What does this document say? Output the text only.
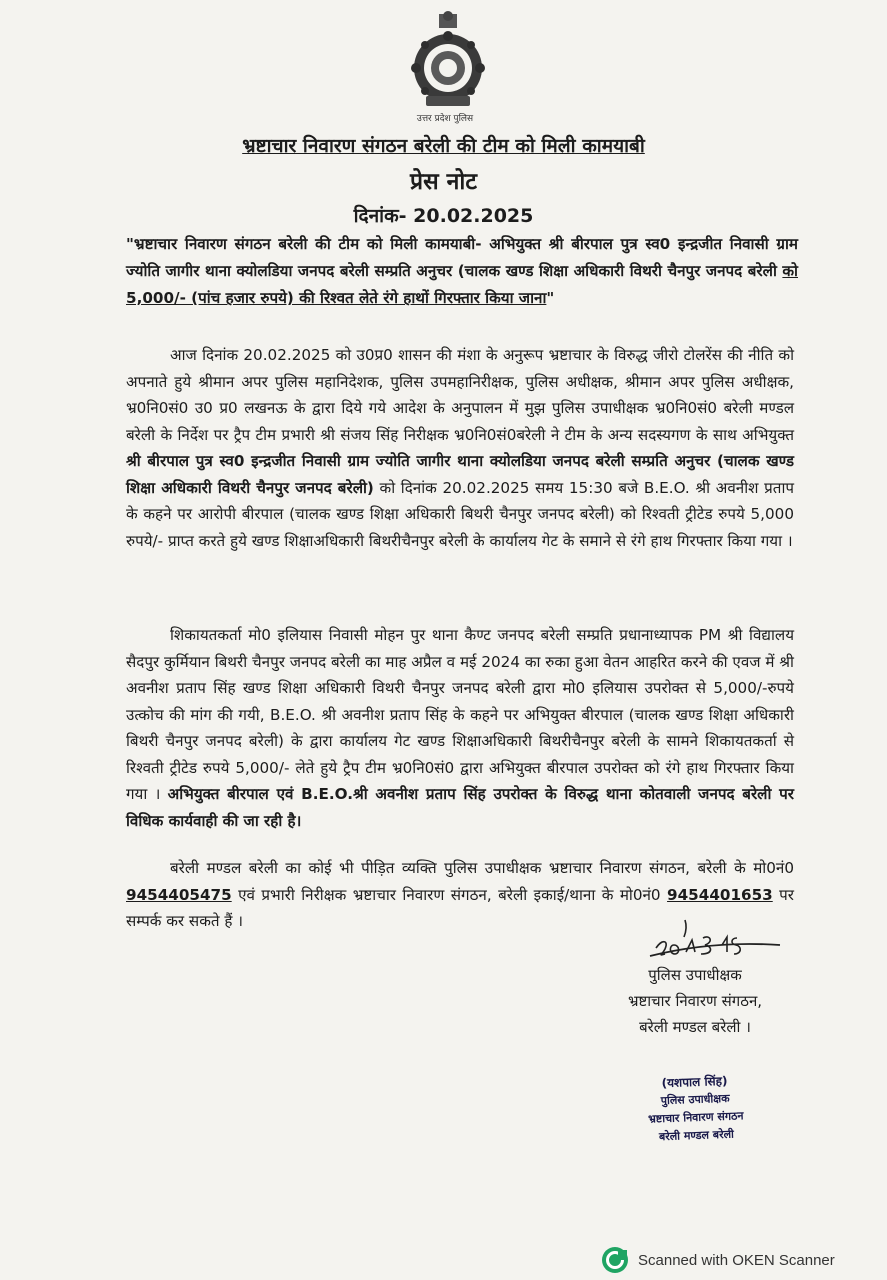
उत्तर प्रदेश पुलिस
भ्रष्टाचार निवारण संगठन बरेली की टीम को मिली कामयाबी
प्रेस नोट
दिनांक- 20.02.2025
"भ्रष्टाचार निवारण संगठन बरेली की टीम को मिली कामयाबी- अभियुक्त श्री बीरपाल पुत्र स्व0 इन्द्रजीत निवासी ग्राम ज्योति जागीर थाना क्योलडिया जनपद बरेली सम्प्रति अनुचर (चालक खण्ड शिक्षा अधिकारी विथरी चैनपुर जनपद बरेली को 5,000/- (पांच हजार रुपये) की रिश्वत लेते रंगे हाथों गिरफ्तार किया जाना"
आज दिनांक 20.02.2025 को उ0प्र0 शासन की मंशा के अनुरूप भ्रष्टाचार के विरुद्ध जीरो टोलरेंस की नीति को अपनाते हुये श्रीमान अपर पुलिस महानिदेशक, पुलिस उपमहानिरीक्षक, पुलिस अधीक्षक, श्रीमान अपर पुलिस अधीक्षक, भ्र0नि0सं0 उ0 प्र0 लखनऊ के द्वारा दिये गये आदेश के अनुपालन में मुझ पुलिस उपाधीक्षक भ्र0नि0सं0 बरेली मण्डल बरेली के निर्देश पर ट्रैप टीम प्रभारी श्री संजय सिंह निरीक्षक भ्र0नि0सं0बरेली ने टीम के अन्य सदस्यगण के साथ अभियुक्त श्री बीरपाल पुत्र स्व0 इन्द्रजीत निवासी ग्राम ज्योति जागीर थाना क्योलडिया जनपद बरेली सम्प्रति अनुचर (चालक खण्ड शिक्षा अधिकारी विथरी चैनपुर जनपद बरेली) को दिनांक 20.02.2025 समय 15:30 बजे B.E.O. श्री अवनीश प्रताप के कहने पर आरोपी बीरपाल (चालक खण्ड शिक्षा अधिकारी बिथरी चैनपुर जनपद बरेली) को रिश्वती ट्रीटेड रुपये 5,000 रुपये/- प्राप्त करते हुये खण्ड शिक्षाअधिकारी बिथरीचैनपुर बरेली के कार्यालय गेट के समाने से रंगे हाथ गिरफ्तार किया गया ।
शिकायतकर्ता मो0 इलियास निवासी मोहन पुर थाना कैण्ट जनपद बरेली सम्प्रति प्रधानाध्यापक PM श्री विद्यालय सैदपुर कुर्मियान बिथरी चैनपुर जनपद बरेली का माह अप्रैल व मई 2024 का रुका हुआ वेतन आहरित करने की एवज में श्री अवनीश प्रताप सिंह खण्ड शिक्षा अधिकारी विथरी चैनपुर जनपद बरेली द्वारा मो0 इलियास उपरोक्त से 5,000/-रुपये उत्कोच की मांग की गयी, B.E.O. श्री अवनीश प्रताप सिंह के कहने पर अभियुक्त बीरपाल (चालक खण्ड शिक्षा अधिकारी बिथरी चैनपुर जनपद बरेली) के द्वारा कार्यालय गेट खण्ड शिक्षाअधिकारी बिथरीचैनपुर बरेली के सामने शिकायतकर्ता से रिश्वती ट्रीटेड रुपये 5,000/- लेते हुये ट्रैप टीम भ्र0नि0सं0 द्वारा अभियुक्त बीरपाल उपरोक्त को रंगे हाथ गिरफ्तार किया गया । अभियुक्त बीरपाल एवं B.E.O.श्री अवनीश प्रताप सिंह उपरोक्त के विरुद्ध थाना कोतवाली जनपद बरेली पर विधिक कार्यवाही की जा रही है।
बरेली मण्डल बरेली का कोई भी पीड़ित व्यक्ति पुलिस उपाधीक्षक भ्रष्टाचार निवारण संगठन, बरेली के मो0नं0 9454405475 एवं प्रभारी निरीक्षक भ्रष्टाचार निवारण संगठन, बरेली इकाई/थाना के मो0नं0 9454401653 पर सम्पर्क कर सकते हैं ।
पुलिस उपाधीक्षक
भ्रष्टाचार निवारण संगठन,
बरेली मण्डल बरेली ।
(यशपाल सिंह)
पुलिस उपाधीक्षक
भ्रष्टाचार निवारण संगठन
बरेली मण्डल बरेली
Scanned with OKEN Scanner
